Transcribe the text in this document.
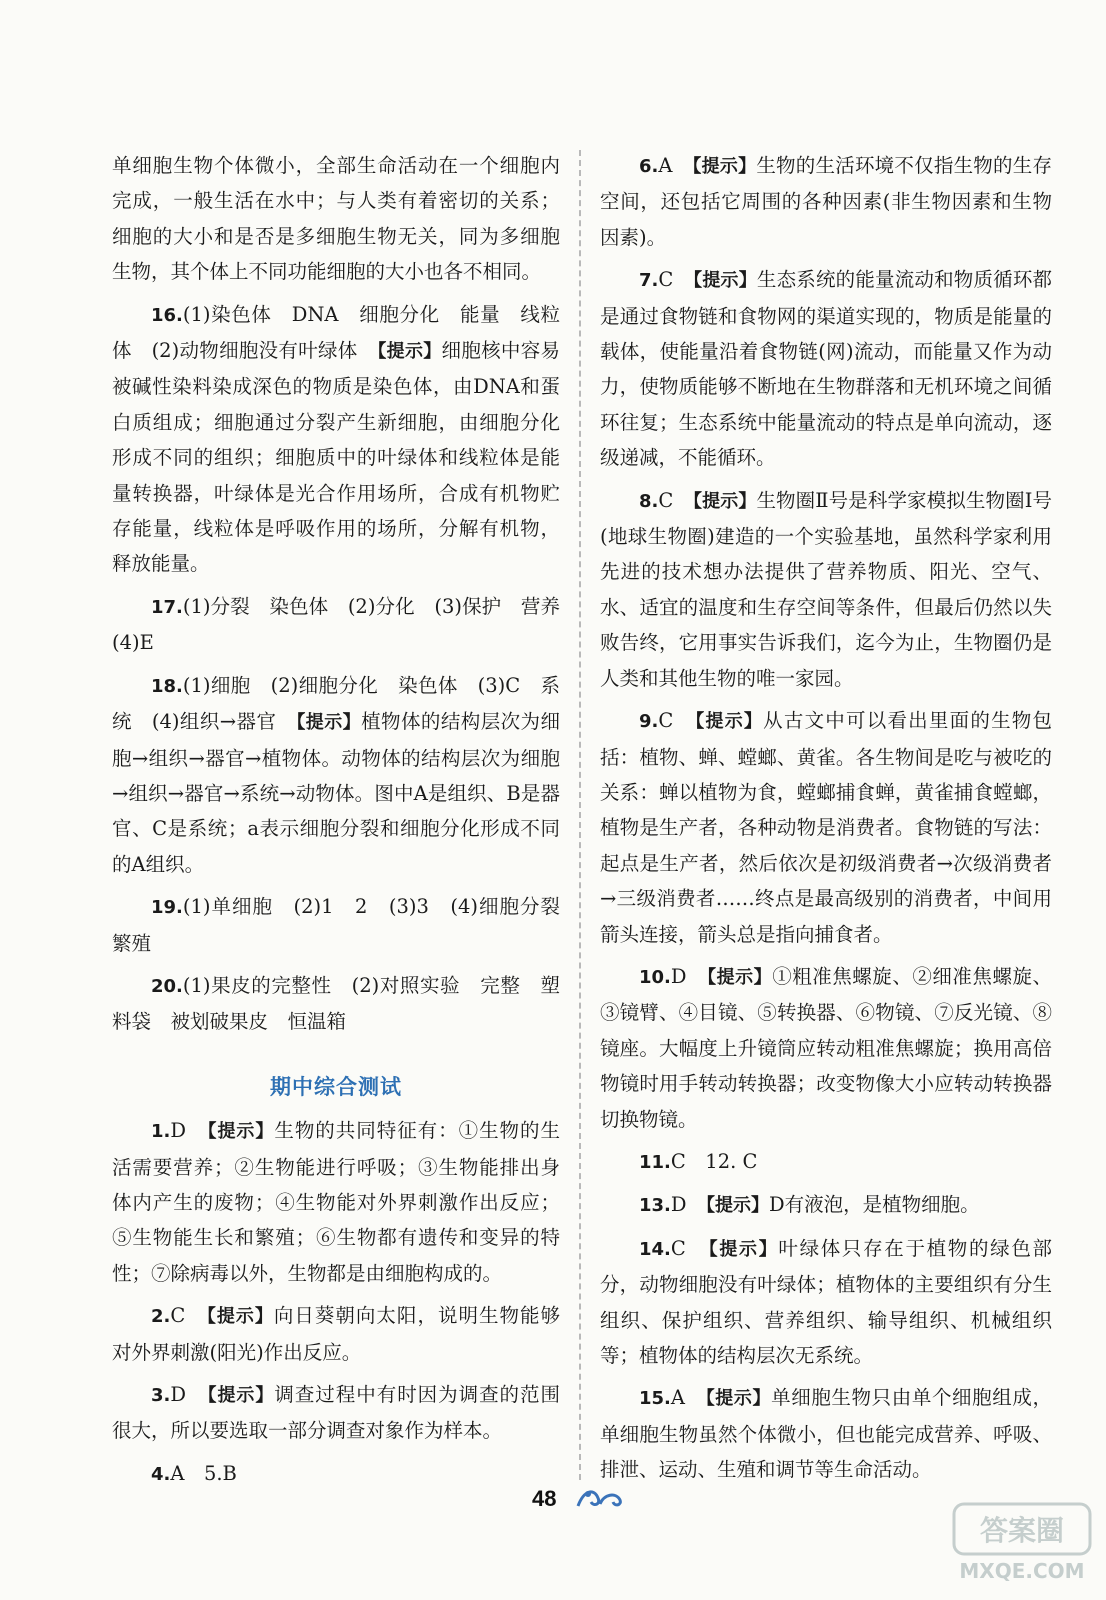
单细胞生物个体微小，全部生命活动在一个细胞内完成，一般生活在水中；与人类有着密切的关系；细胞的大小和是否是多细胞生物无关，同为多细胞生物，其个体上不同功能细胞的大小也各不相同。

16.(1)染色体　DNA　细胞分化　能量　线粒体　(2)动物细胞没有叶绿体　【提示】细胞核中容易被碱性染料染成深色的物质是染色体，由DNA和蛋白质组成；细胞通过分裂产生新细胞，由细胞分化形成不同的组织；细胞质中的叶绿体和线粒体是能量转换器，叶绿体是光合作用场所，合成有机物贮存能量，线粒体是呼吸作用的场所，分解有机物，释放能量。

17.(1)分裂　染色体　(2)分化　(3)保护　营养　(4)E

18.(1)细胞　(2)细胞分化　染色体　(3)C　系统　(4)组织→器官　【提示】植物体的结构层次为细胞→组织→器官→植物体。动物体的结构层次为细胞→组织→器官→系统→动物体。图中A是组织、B是器官、C是系统；a表示细胞分裂和细胞分化形成不同的A组织。

19.(1)单细胞　(2)1　2　(3)3　(4)细胞分裂　繁殖

20.(1)果皮的完整性　(2)对照实验　完整　塑料袋　被划破果皮　恒温箱

期中综合测试

1.D　【提示】生物的共同特征有：①生物的生活需要营养；②生物能进行呼吸；③生物能排出身体内产生的废物；④生物能对外界刺激作出反应；⑤生物能生长和繁殖；⑥生物都有遗传和变异的特性；⑦除病毒以外，生物都是由细胞构成的。

2.C　【提示】向日葵朝向太阳，说明生物能够对外界刺激(阳光)作出反应。

3.D　【提示】调查过程中有时因为调查的范围很大，所以要选取一部分调查对象作为样本。

4.A　5.B

6.A　【提示】生物的生活环境不仅指生物的生存空间，还包括它周围的各种因素(非生物因素和生物因素)。

7.C　【提示】生态系统的能量流动和物质循环都是通过食物链和食物网的渠道实现的，物质是能量的载体，使能量沿着食物链(网)流动，而能量又作为动力，使物质能够不断地在生物群落和无机环境之间循环往复；生态系统中能量流动的特点是单向流动，逐级递减，不能循环。

8.C　【提示】生物圈Ⅱ号是科学家模拟生物圈Ⅰ号(地球生物圈)建造的一个实验基地，虽然科学家利用先进的技术想办法提供了营养物质、阳光、空气、水、适宜的温度和生存空间等条件，但最后仍然以失败告终，它用事实告诉我们，迄今为止，生物圈仍是人类和其他生物的唯一家园。

9.C　【提示】从古文中可以看出里面的生物包括：植物、蝉、螳螂、黄雀。各生物间是吃与被吃的关系：蝉以植物为食，螳螂捕食蝉，黄雀捕食螳螂，植物是生产者，各种动物是消费者。食物链的写法：起点是生产者，然后依次是初级消费者→次级消费者→三级消费者……终点是最高级别的消费者，中间用箭头连接，箭头总是指向捕食者。

10.D　【提示】①粗准焦螺旋、②细准焦螺旋、③镜臂、④目镜、⑤转换器、⑥物镜、⑦反光镜、⑧镜座。大幅度上升镜筒应转动粗准焦螺旋；换用高倍物镜时用手转动转换器；改变物像大小应转动转换器切换物镜。

11.C　12. C

13.D　【提示】D有液泡，是植物细胞。

14.C　【提示】叶绿体只存在于植物的绿色部分，动物细胞没有叶绿体；植物体的主要组织有分生组织、保护组织、营养组织、输导组织、机械组织等；植物体的结构层次无系统。

15.A　【提示】单细胞生物只由单个细胞组成，单细胞生物虽然个体微小，但也能完成营养、呼吸、排泄、运动、生殖和调节等生命活动。

48
答案圈
MXQE.COM
